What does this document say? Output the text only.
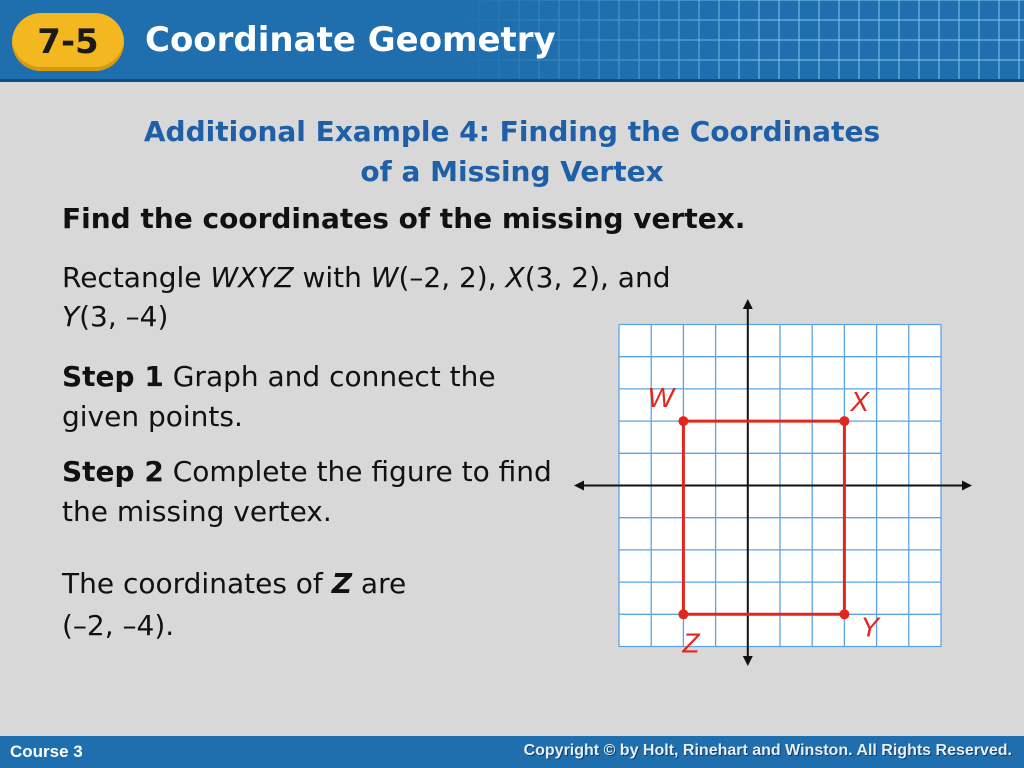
7-5	Coordinate Geometry
Additional Example 4: Finding the Coordinates
of a Missing Vertex
Find the coordinates of the missing vertex.
Rectangle WXYZ with W(–2, 2), X(3, 2), and
Y(3, –4)
Step 1 Graph and connect the given points.
Step 2 Complete the figure to find the missing vertex.
The coordinates of Z are
(–2, –4).
W	X
Y
Z
Course 3	Copyright © by Holt, Rinehart and Winston. All Rights Reserved.
